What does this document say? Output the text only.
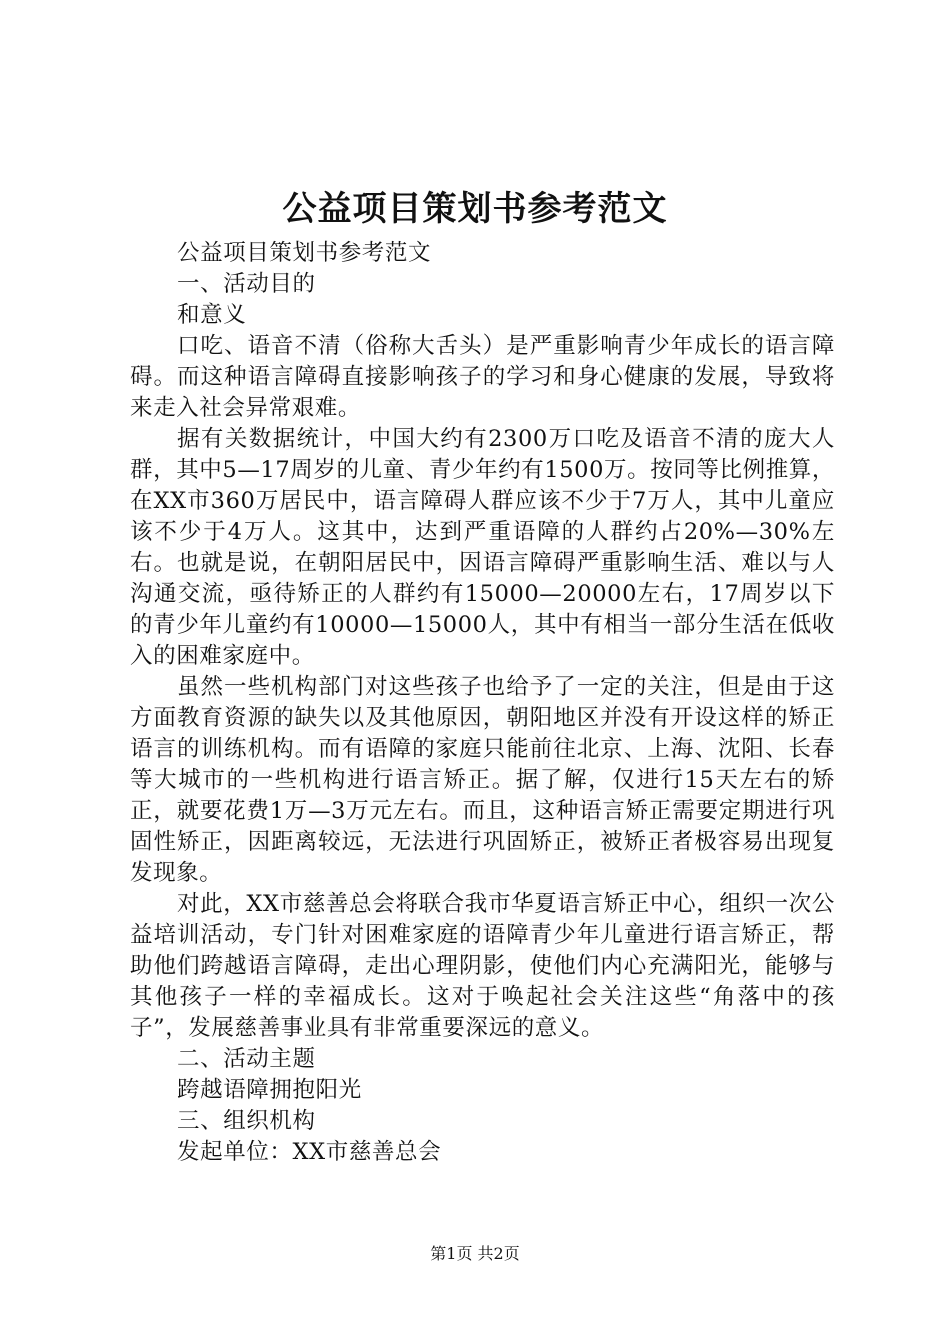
公益项目策划书参考范文

公益项目策划书参考范文

一、活动目的

和意义

口吃、语音不清（俗称大舌头）是严重影响青少年成长的语言障碍。而这种语言障碍直接影响孩子的学习和身心健康的发展，导致将来走入社会异常艰难。

据有关数据统计，中国大约有2300万口吃及语音不清的庞大人群，其中5—17周岁的儿童、青少年约有1500万。按同等比例推算，在XX市360万居民中，语言障碍人群应该不少于7万人，其中儿童应该不少于4万人。这其中，达到严重语障的人群约占20%—30%左右。也就是说，在朝阳居民中，因语言障碍严重影响生活、难以与人沟通交流，亟待矫正的人群约有15000—20000左右，17周岁以下的青少年儿童约有10000—15000人，其中有相当一部分生活在低收入的困难家庭中。

虽然一些机构部门对这些孩子也给予了一定的关注，但是由于这方面教育资源的缺失以及其他原因，朝阳地区并没有开设这样的矫正语言的训练机构。而有语障的家庭只能前往北京、上海、沈阳、长春等大城市的一些机构进行语言矫正。据了解，仅进行15天左右的矫正，就要花费1万—3万元左右。而且，这种语言矫正需要定期进行巩固性矫正，因距离较远，无法进行巩固矫正，被矫正者极容易出现复发现象。

对此，XX市慈善总会将联合我市华夏语言矫正中心，组织一次公益培训活动，专门针对困难家庭的语障青少年儿童进行语言矫正，帮助他们跨越语言障碍，走出心理阴影，使他们内心充满阳光，能够与其他孩子一样的幸福成长。这对于唤起社会关注这些“角落中的孩子”，发展慈善事业具有非常重要深远的意义。

二、活动主题

跨越语障拥抱阳光

三、组织机构

发起单位：XX市慈善总会

第1页 共2页
